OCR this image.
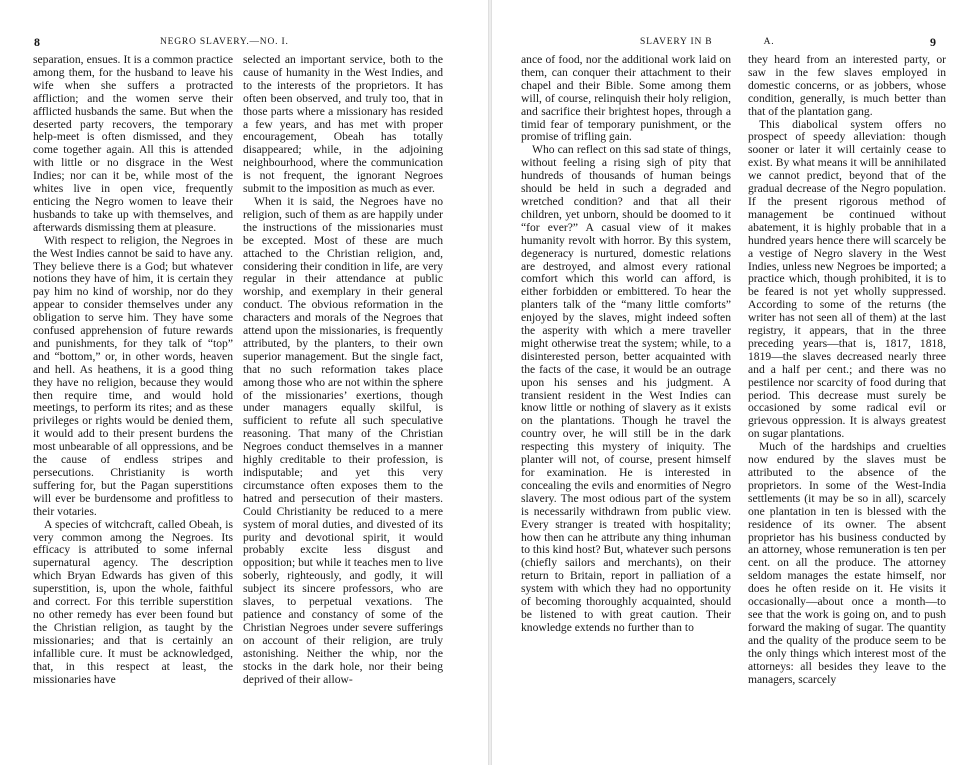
8	NEGRO SLAVERY.—NO. I.

separation, ensues. It is a common practice among them, for the husband to leave his wife when she suffers a protracted affliction; and the women serve their afflicted husbands the same. But when the deserted party recovers, the temporary help-meet is often dismissed, and they come together again. All this is attended with little or no disgrace in the West Indies; nor can it be, while most of the whites live in open vice, frequently enticing the Negro women to leave their husbands to take up with themselves, and afterwards dismissing them at pleasure.

With respect to religion, the Negroes in the West Indies cannot be said to have any. They believe there is a God; but whatever notions they have of him, it is certain they pay him no kind of worship, nor do they appear to consider themselves under any obligation to serve him. They have some confused apprehension of future rewards and punishments, for they talk of “top” and “bottom,” or, in other words, heaven and hell. As heathens, it is a good thing they have no religion, because they would then require time, and would hold meetings, to perform its rites; and as these privileges or rights would be denied them, it would add to their present burdens the most unbearable of all oppressions, and be the cause of endless stripes and persecutions. Christianity is worth suffering for, but the Pagan superstitions will ever be burdensome and profitless to their votaries.

A species of witchcraft, called Obeah, is very common among the Negroes. Its efficacy is attributed to some infernal supernatural agency. The description which Bryan Edwards has given of this superstition, is, upon the whole, faithful and correct. For this terrible superstition no other remedy has ever been found but the Christian religion, as taught by the missionaries; and that is certainly an infallible cure. It must be acknowledged, that, in this respect at least, the missionaries have

selected an important service, both to the cause of humanity in the West Indies, and to the interests of the proprietors. It has often been observed, and truly too, that in those parts where a missionary has resided a few years, and has met with proper encouragement, Obeah has totally disappeared; while, in the adjoining neighbourhood, where the communication is not frequent, the ignorant Negroes submit to the imposition as much as ever.

When it is said, the Negroes have no religion, such of them as are happily under the instructions of the missionaries must be excepted. Most of these are much attached to the Christian religion, and, considering their condition in life, are very regular in their attendance at public worship, and exemplary in their general conduct. The obvious reformation in the characters and morals of the Negroes that attend upon the missionaries, is frequently attributed, by the planters, to their own superior management. But the single fact, that no such reformation takes place among those who are not within the sphere of the missionaries’ exertions, though under managers equally skilful, is sufficient to refute all such speculative reasoning. That many of the Christian Negroes conduct themselves in a manner highly creditable to their profession, is indisputable; and yet this very circumstance often exposes them to the hatred and persecution of their masters. Could Christianity be reduced to a mere system of moral duties, and divested of its purity and devotional spirit, it would probably excite less disgust and opposition; but while it teaches men to live soberly, righteously, and godly, it will subject its sincere professors, who are slaves, to perpetual vexations. The patience and constancy of some of the Christian Negroes under severe sufferings on account of their religion, are truly astonishing. Neither the whip, nor the stocks in the dark hole, nor their being deprived of their allow-

SLAVERY IN B	A.	9

ance of food, nor the additional work laid on them, can conquer their attachment to their chapel and their Bible. Some among them will, of course, relinquish their holy religion, and sacrifice their brightest hopes, through a timid fear of temporary punishment, or the promise of trifling gain.

Who can reflect on this sad state of things, without feeling a rising sigh of pity that hundreds of thousands of human beings should be held in such a degraded and wretched condition? and that all their children, yet unborn, should be doomed to it “for ever?” A casual view of it makes humanity revolt with horror. By this system, degeneracy is nurtured, domestic relations are destroyed, and almost every rational comfort which this world can afford, is either forbidden or embittered. To hear the planters talk of the “many little comforts” enjoyed by the slaves, might indeed soften the asperity with which a mere traveller might otherwise treat the system; while, to a disinterested person, better acquainted with the facts of the case, it would be an outrage upon his senses and his judgment. A transient resident in the West Indies can know little or nothing of slavery as it exists on the plantations. Though he travel the country over, he will still be in the dark respecting this mystery of iniquity. The planter will not, of course, present himself for examination. He is interested in concealing the evils and enormities of Negro slavery. The most odious part of the system is necessarily withdrawn from public view. Every stranger is treated with hospitality; how then can he attribute any thing inhuman to this kind host? But, whatever such persons (chiefly sailors and merchants), on their return to Britain, report in palliation of a system with which they had no opportunity of becoming thoroughly acquainted, should be listened to with great caution. Their knowledge extends no further than to

they heard from an interested party, or saw in the few slaves employed in domestic concerns, or as jobbers, whose condition, generally, is much better than that of the plantation gang.

This diabolical system offers no prospect of speedy alleviation: though sooner or later it will certainly cease to exist. By what means it will be annihilated we cannot predict, beyond that of the gradual decrease of the Negro population. If the present rigorous method of management be continued without abatement, it is highly probable that in a hundred years hence there will scarcely be a vestige of Negro slavery in the West Indies, unless new Negroes be imported; a practice which, though prohibited, it is to be feared is not yet wholly suppressed. According to some of the returns (the writer has not seen all of them) at the last registry, it appears, that in the three preceding years—that is, 1817, 1818, 1819—the slaves decreased nearly three and a half per cent.; and there was no pestilence nor scarcity of food during that period. This decrease must surely be occasioned by some radical evil or grievous oppression. It is always greatest on sugar plantations.

Much of the hardships and cruelties now endured by the slaves must be attributed to the absence of the proprietors. In some of the West-India settlements (it may be so in all), scarcely one plantation in ten is blessed with the residence of its owner. The absent proprietor has his business conducted by an attorney, whose remuneration is ten per cent. on all the produce. The attorney seldom manages the estate himself, nor does he often reside on it. He visits it occasionally—about once a month—to see that the work is going on, and to push forward the making of sugar. The quantity and the quality of the produce seem to be the only things which interest most of the attorneys: all besides they leave to the managers, scarcely
